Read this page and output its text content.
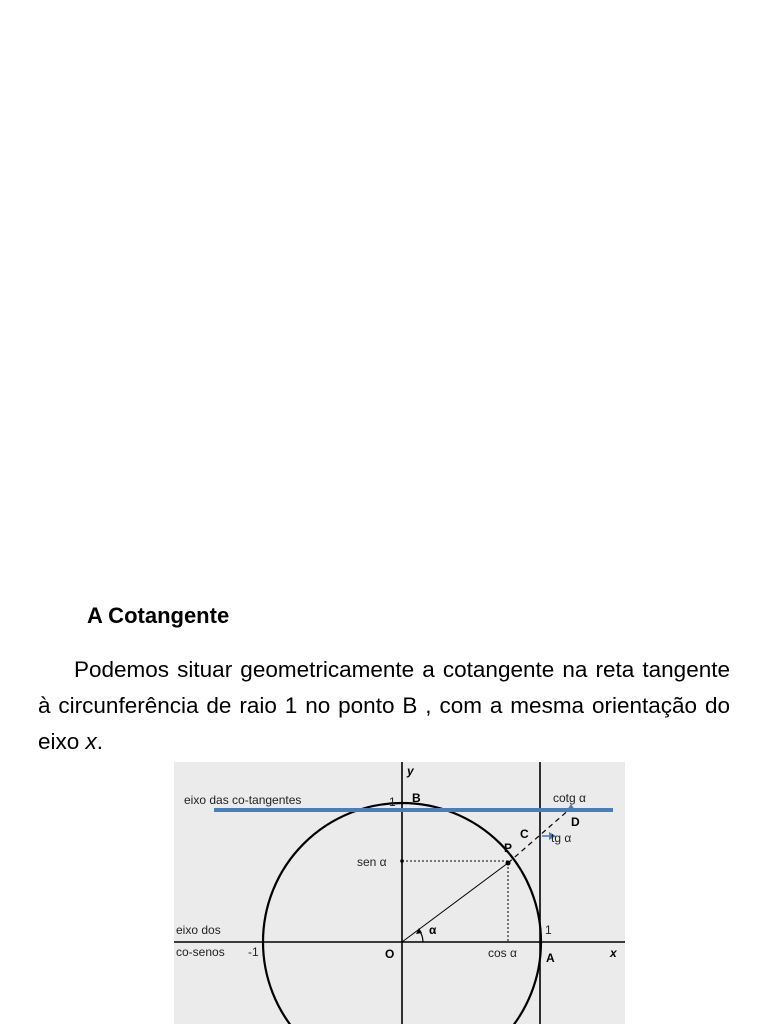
A Cotangente

Podemos situar geometricamente a cotangente na reta tangente à circunferência de raio 1 no ponto B , com a mesma orientação do eixo x.

y
x
eixo das co-tangentes
eixo dos
co-senos -1
1
1
B
C
D
P
O	A
sen α
cos α
cotg α
tg α
α
